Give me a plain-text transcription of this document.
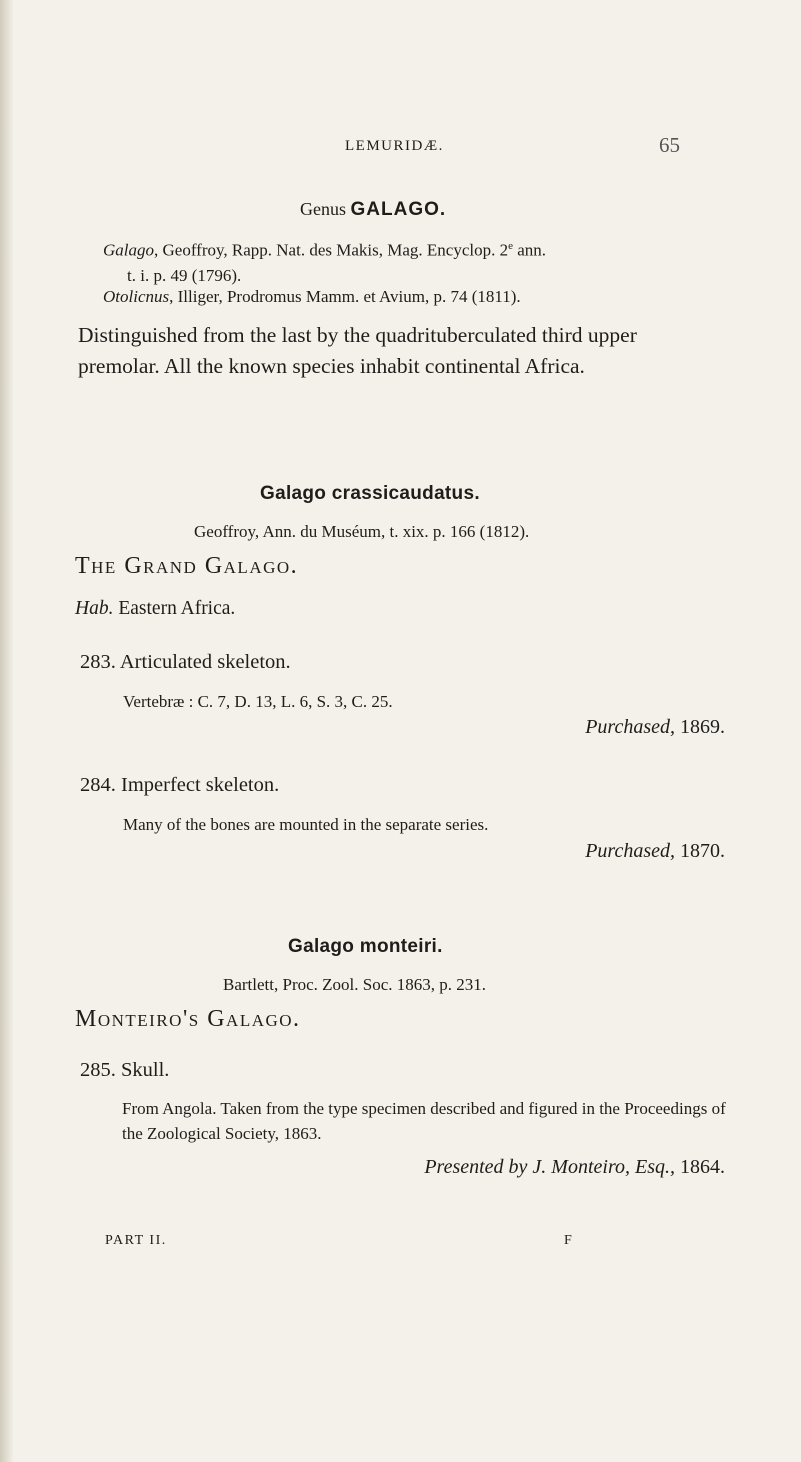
LEMURIDÆ.	65
Genus GALAGO.
Galago, Geoffroy, Rapp. Nat. des Makis, Mag. Encyclop. 2e ann.
t. i. p. 49 (1796).
Otolicnus, Illiger, Prodromus Mamm. et Avium, p. 74 (1811).
Distinguished from the last by the quadrituberculated third upper premolar. All the known species inhabit continental Africa.
Galago crassicaudatus.
Geoffroy, Ann. du Muséum, t. xix. p. 166 (1812).
The Grand Galago.
Hab. Eastern Africa.
283. Articulated skeleton.
Vertebræ : C. 7, D. 13, L. 6, S. 3, C. 25.
Purchased, 1869.
284. Imperfect skeleton.
Many of the bones are mounted in the separate series.
Purchased, 1870.
Galago monteiri.
Bartlett, Proc. Zool. Soc. 1863, p. 231.
Monteiro's Galago.
285. Skull.
From Angola. Taken from the type specimen described and figured in the Proceedings of the Zoological Society, 1863.
Presented by J. Monteiro, Esq., 1864.
PART II.	F
